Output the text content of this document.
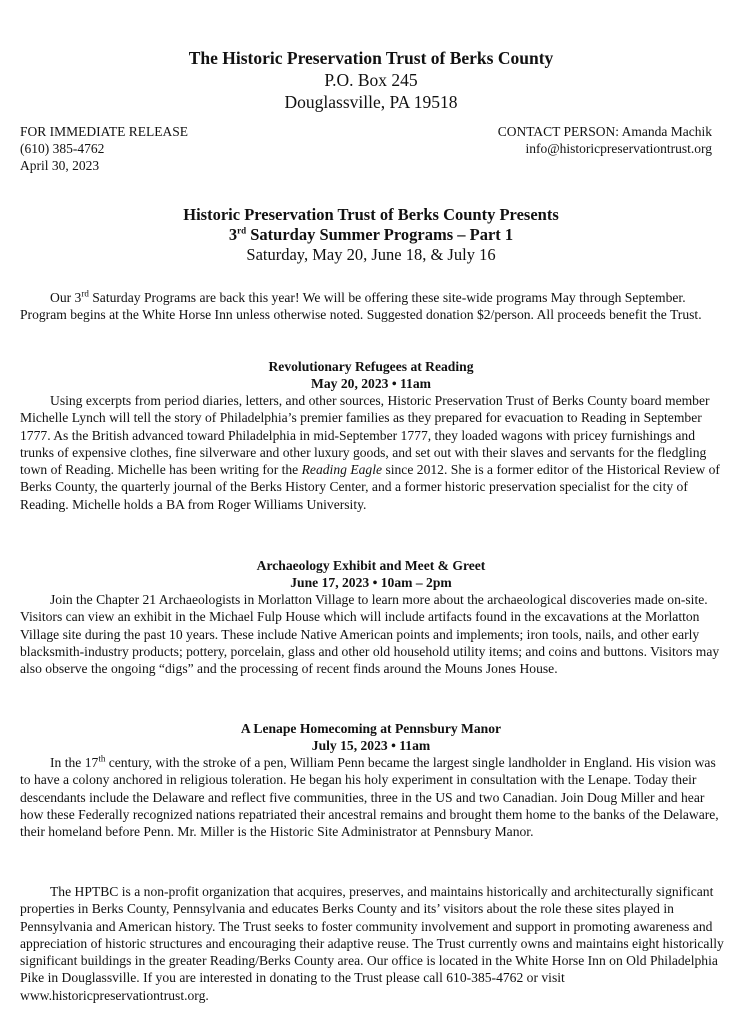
The Historic Preservation Trust of Berks County
P.O. Box 245
Douglassville, PA 19518
FOR IMMEDIATE RELEASE
(610) 385-4762
April 30, 2023
CONTACT PERSON: Amanda Machik
info@historicpreservationtrust.org
Historic Preservation Trust of Berks County Presents
3rd Saturday Summer Programs – Part 1
Saturday, May 20, June 18, & July 16
Our 3rd Saturday Programs are back this year! We will be offering these site-wide programs May through September. Program begins at the White Horse Inn unless otherwise noted. Suggested donation $2/person. All proceeds benefit the Trust.
Revolutionary Refugees at Reading
May 20, 2023 • 11am
Using excerpts from period diaries, letters, and other sources, Historic Preservation Trust of Berks County board member Michelle Lynch will tell the story of Philadelphia’s premier families as they prepared for evacuation to Reading in September 1777. As the British advanced toward Philadelphia in mid-September 1777, they loaded wagons with pricey furnishings and trunks of expensive clothes, fine silverware and other luxury goods, and set out with their slaves and servants for the fledgling town of Reading. Michelle has been writing for the Reading Eagle since 2012. She is a former editor of the Historical Review of Berks County, the quarterly journal of the Berks History Center, and a former historic preservation specialist for the city of Reading. Michelle holds a BA from Roger Williams University.
Archaeology Exhibit and Meet & Greet
June 17, 2023 • 10am – 2pm
Join the Chapter 21 Archaeologists in Morlatton Village to learn more about the archaeological discoveries made on-site. Visitors can view an exhibit in the Michael Fulp House which will include artifacts found in the excavations at the Morlatton Village site during the past 10 years. These include Native American points and implements; iron tools, nails, and other early blacksmith-industry products; pottery, porcelain, glass and other old household utility items; and coins and buttons. Visitors may also observe the ongoing “digs” and the processing of recent finds around the Mouns Jones House.
A Lenape Homecoming at Pennsbury Manor
July 15, 2023 • 11am
In the 17th century, with the stroke of a pen, William Penn became the largest single landholder in England. His vision was to have a colony anchored in religious toleration. He began his holy experiment in consultation with the Lenape. Today their descendants include the Delaware and reflect five communities, three in the US and two Canadian. Join Doug Miller and hear how these Federally recognized nations repatriated their ancestral remains and brought them home to the banks of the Delaware, their homeland before Penn. Mr. Miller is the Historic Site Administrator at Pennsbury Manor.
The HPTBC is a non-profit organization that acquires, preserves, and maintains historically and architecturally significant properties in Berks County, Pennsylvania and educates Berks County and its’ visitors about the role these sites played in Pennsylvania and American history. The Trust seeks to foster community involvement and support in promoting awareness and appreciation of historic structures and encouraging their adaptive reuse. The Trust currently owns and maintains eight historically significant buildings in the greater Reading/Berks County area. Our office is located in the White Horse Inn on Old Philadelphia Pike in Douglassville. If you are interested in donating to the Trust please call 610-385-4762 or visit www.historicpreservationtrust.org.
